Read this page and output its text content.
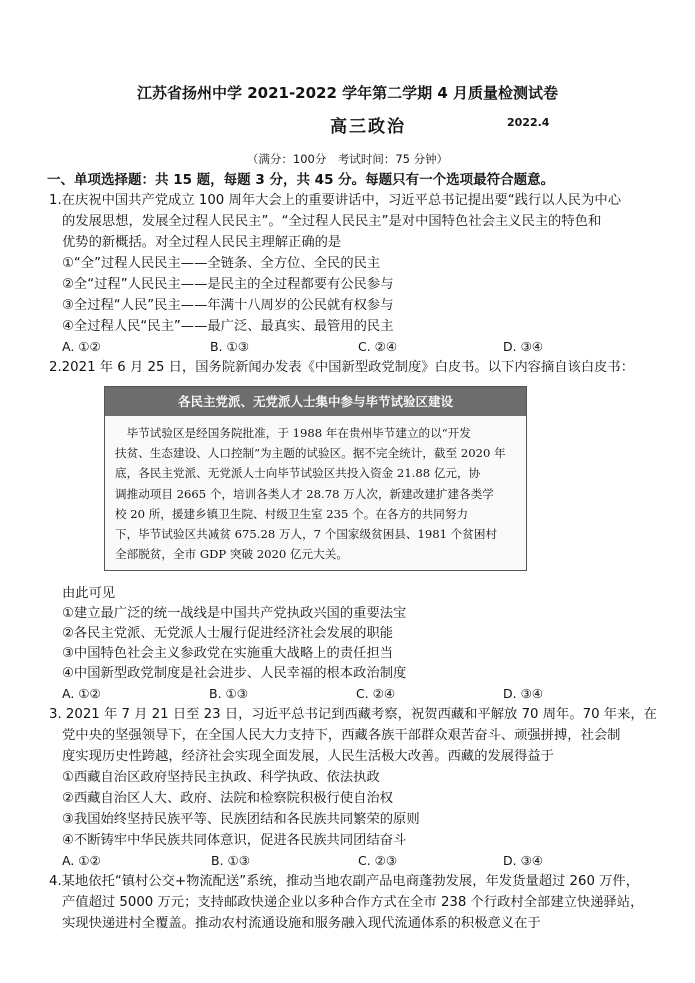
江苏省扬州中学 2021-2022 学年第二学期 4 月质量检测试卷
高三政治	2022.4
（满分：100分　考试时间：75 分钟）
一、单项选择题：共 15 题，每题 3 分，共 45 分。每题只有一个选项最符合题意。
1.在庆祝中国共产党成立 100 周年大会上的重要讲话中，习近平总书记提出要“践行以人民为中心
的发展思想，发展全过程人民民主”。“全过程人民民主”是对中国特色社会主义民主的特色和
优势的新概括。对全过程人民民主理解正确的是
①“全”过程人民民主——全链条、全方位、全民的民主
②全“过程”人民民主——是民主的全过程都要有公民参与
③全过程“人民”民主——年满十八周岁的公民就有权参与
④全过程人民“民主”——最广泛、最真实、最管用的民主
A. ①②	B. ①③	C. ②④	D. ③④
2.2021 年 6 月 25 日，国务院新闻办发表《中国新型政党制度》白皮书。以下内容摘自该白皮书：
各民主党派、无党派人士集中参与毕节试验区建设
　毕节试验区是经国务院批准，于 1988 年在贵州毕节建立的以“开发
扶贫、生态建设、人口控制”为主题的试验区。据不完全统计，截至 2020 年
底，各民主党派、无党派人士向毕节试验区共投入资金 21.88 亿元，协
调推动项目 2665 个，培训各类人才 28.78 万人次，新建改建扩建各类学
校 20 所，援建乡镇卫生院、村级卫生室 235 个。在各方的共同努力
下，毕节试验区共减贫 675.28 万人，7 个国家级贫困县、1981 个贫困村
全部脱贫，全市 GDP 突破 2020 亿元大关。
由此可见
①建立最广泛的统一战线是中国共产党执政兴国的重要法宝
②各民主党派、无党派人士履行促进经济社会发展的职能
③中国特色社会主义参政党在实施重大战略上的责任担当
④中国新型政党制度是社会进步、人民幸福的根本政治制度
A. ①②	B. ①③	C. ②④	D. ③④
3. 2021 年 7 月 21 日至 23 日，习近平总书记到西藏考察，祝贺西藏和平解放 70 周年。70 年来，在
党中央的坚强领导下，在全国人民大力支持下，西藏各族干部群众艰苦奋斗、顽强拼搏，社会制
度实现历史性跨越，经济社会实现全面发展，人民生活极大改善。西藏的发展得益于
①西藏自治区政府坚持民主执政、科学执政、依法执政
②西藏自治区人大、政府、法院和检察院积极行使自治权
③我国始终坚持民族平等、民族团结和各民族共同繁荣的原则
④不断铸牢中华民族共同体意识，促进各民族共同团结奋斗
A. ①②	B. ①③	C. ②③	D. ③④
4.某地依托“镇村公交+物流配送”系统，推动当地农副产品电商蓬勃发展，年发货量超过 260 万件，
产值超过 5000 万元；支持邮政快递企业以多种合作方式在全市 238 个行政村全部建立快递驿站，
实现快递进村全覆盖。推动农村流通设施和服务融入现代流通体系的积极意义在于
